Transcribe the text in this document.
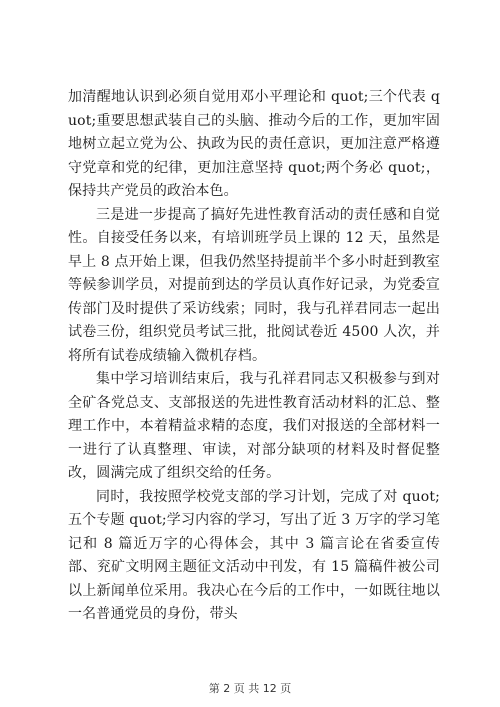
加清醒地认识到必须自觉用邓小平理论和 quot;三个代表 quot;重要思想武装自己的头脑、推动今后的工作，更加牢固地树立起立党为公、执政为民的责任意识，更加注意严格遵守党章和党的纪律，更加注意坚持 quot;两个务必 quot;，保持共产党员的政治本色。

三是进一步提高了搞好先进性教育活动的责任感和自觉性。自接受任务以来，有培训班学员上课的 12 天，虽然是早上 8 点开始上课，但我仍然坚持提前半个多小时赶到教室等候参训学员，对提前到达的学员认真作好记录，为党委宣传部门及时提供了采访线索；同时，我与孔祥君同志一起出试卷三份，组织党员考试三批，批阅试卷近 4500 人次，并将所有试卷成绩输入微机存档。

集中学习培训结束后，我与孔祥君同志又积极参与到对全矿各党总支、支部报送的先进性教育活动材料的汇总、整理工作中，本着精益求精的态度，我们对报送的全部材料一一进行了认真整理、审读，对部分缺项的材料及时督促整改，圆满完成了组织交给的任务。

同时，我按照学校党支部的学习计划，完成了对 quot;五个专题 quot;学习内容的学习，写出了近 3 万字的学习笔记和 8 篇近万字的心得体会，其中 3 篇言论在省委宣传部、兖矿文明网主题征文活动中刊发，有 15 篇稿件被公司以上新闻单位采用。我决心在今后的工作中，一如既往地以一名普通党员的身份，带头

第 2 页 共 12 页
